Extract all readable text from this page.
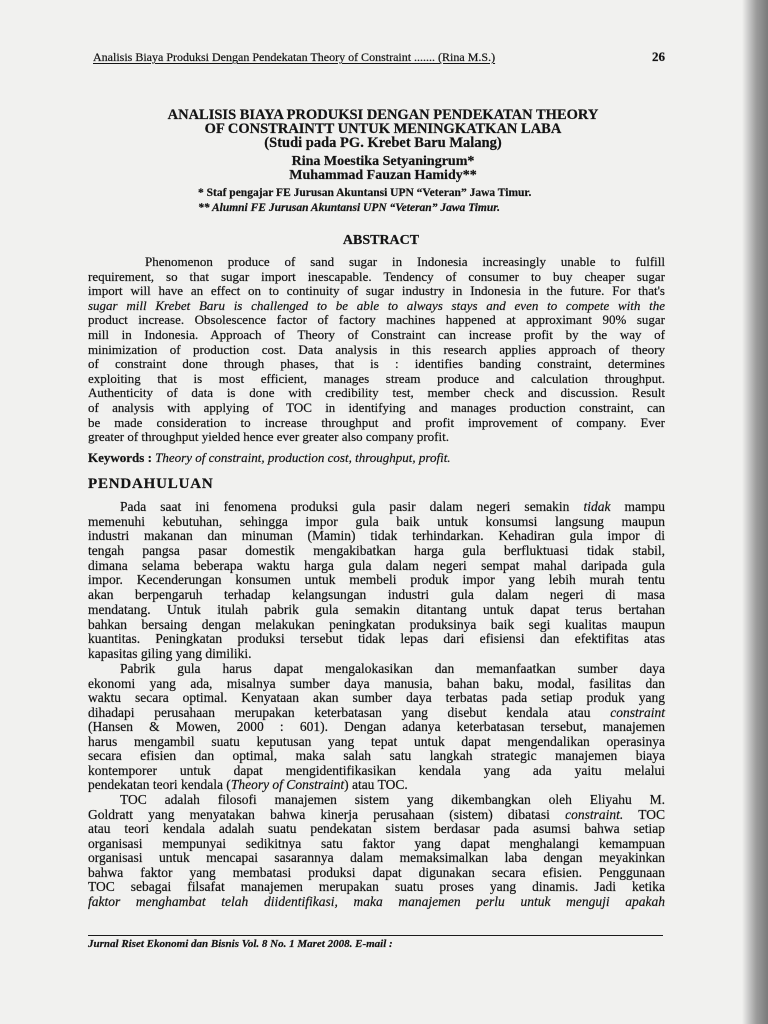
Analisis Biaya Produksi Dengan Pendekatan Theory of Constraint ....... (Rina M.S.)	26
ANALISIS BIAYA PRODUKSI DENGAN PENDEKATAN THEORY
OF CONSTRAINTT UNTUK MENINGKATKAN LABA
(Studi pada PG. Krebet Baru Malang)
Rina Moestika Setyaningrum*
Muhammad Fauzan Hamidy**
* Staf pengajar FE Jurusan Akuntansi UPN “Veteran” Jawa Timur.
** Alumni FE Jurusan Akuntansi UPN “Veteran” Jawa Timur.
ABSTRACT
Phenomenon produce of sand sugar in Indonesia increasingly unable to fulfill
requirement, so that sugar import inescapable. Tendency of consumer to buy cheaper sugar
import will have an effect on to continuity of sugar industry in Indonesia in the future. For that's
sugar mill Krebet Baru is challenged to be able to always stays and even to compete with the
product increase. Obsolescence factor of factory machines happened at approximant 90% sugar
mill in Indonesia. Approach of Theory of Constraint can increase profit by the way of
minimization of production cost. Data analysis in this research applies approach of theory
of constraint done through phases, that is : identifies banding constraint, determines
exploiting that is most efficient, manages stream produce and calculation throughput.
Authenticity of data is done with credibility test, member check and discussion. Result
of analysis with applying of TOC in identifying and manages production constraint, can
be made consideration to increase throughput and profit improvement of company. Ever
greater of throughput yielded hence ever greater also company profit.
Keywords : Theory of constraint, production cost, throughput, profit.
PENDAHULUAN
Pada saat ini fenomena produksi gula pasir dalam negeri semakin tidak mampu
memenuhi kebutuhan, sehingga impor gula baik untuk konsumsi langsung maupun
industri makanan dan minuman (Mamin) tidak terhindarkan. Kehadiran gula impor di
tengah pangsa pasar domestik mengakibatkan harga gula berfluktuasi tidak stabil,
dimana selama beberapa waktu harga gula dalam negeri sempat mahal daripada gula
impor. Kecenderungan konsumen untuk membeli produk impor yang lebih murah tentu
akan berpengaruh terhadap kelangsungan industri gula dalam negeri di masa
mendatang. Untuk itulah pabrik gula semakin ditantang untuk dapat terus bertahan
bahkan bersaing dengan melakukan peningkatan produksinya baik segi kualitas maupun
kuantitas. Peningkatan produksi tersebut tidak lepas dari efisiensi dan efektifitas atas
kapasitas giling yang dimiliki.
Pabrik gula harus dapat mengalokasikan dan memanfaatkan sumber daya
ekonomi yang ada, misalnya sumber daya manusia, bahan baku, modal, fasilitas dan
waktu secara optimal. Kenyataan akan sumber daya terbatas pada setiap produk yang
dihadapi perusahaan merupakan keterbatasan yang disebut kendala atau constraint
(Hansen & Mowen, 2000 : 601). Dengan adanya keterbatasan tersebut, manajemen
harus mengambil suatu keputusan yang tepat untuk dapat mengendalikan operasinya
secara efisien dan optimal, maka salah satu langkah strategic manajemen biaya
kontemporer untuk dapat mengidentifikasikan kendala yang ada yaitu melalui
pendekatan teori kendala (Theory of Constraint) atau TOC.
TOC adalah filosofi manajemen sistem yang dikembangkan oleh Eliyahu M.
Goldratt yang menyatakan bahwa kinerja perusahaan (sistem) dibatasi constraint. TOC
atau teori kendala adalah suatu pendekatan sistem berdasar pada asumsi bahwa setiap
organisasi mempunyai sedikitnya satu faktor yang dapat menghalangi kemampuan
organisasi untuk mencapai sasarannya dalam memaksimalkan laba dengan meyakinkan
bahwa faktor yang membatasi produksi dapat digunakan secara efisien. Penggunaan
TOC sebagai filsafat manajemen merupakan suatu proses yang dinamis. Jadi ketika
faktor menghambat telah diidentifikasi, maka manajemen perlu untuk menguji apakah
Jurnal Riset Ekonomi dan Bisnis Vol. 8 No. 1 Maret 2008. E-mail :
